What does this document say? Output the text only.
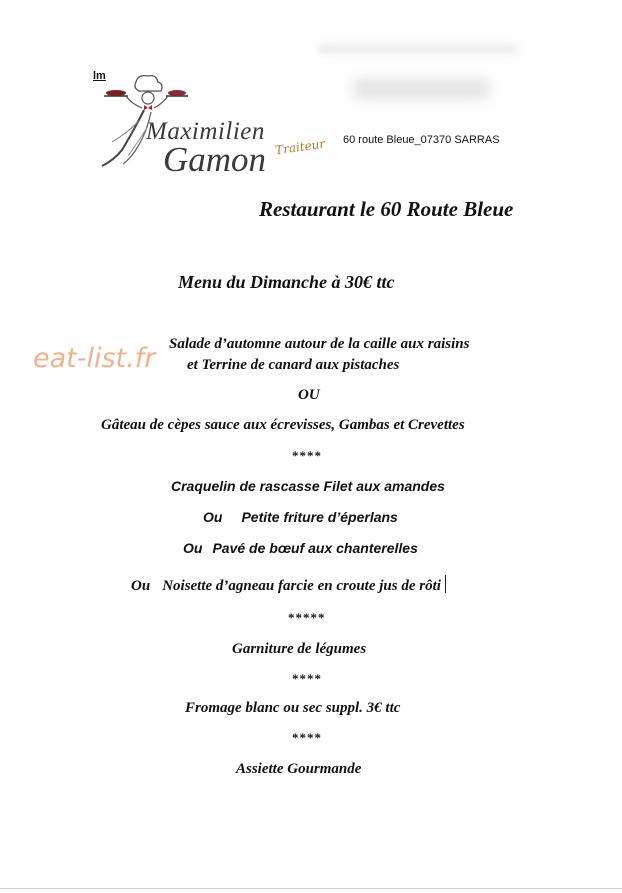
lm
Maximilien
Gamon Traiteur 60 route Bleue_07370 SARRAS
Restaurant le 60 Route Bleue
Menu du Dimanche à 30€ ttc
eat-list.fr Salade d’automne autour de la caille aux raisins
et Terrine de canard aux pistaches
OU
Gâteau de cèpes sauce aux écrevisses, Gambas et Crevettes
****
Craquelin de rascasse Filet aux amandes
Ou Petite friture d’éperlans
Ou Pavé de bœuf aux chanterelles
Ou Noisette d’agneau farcie en croute jus de rôti
*****
Garniture de légumes
****
Fromage blanc ou sec suppl. 3€ ttc
****
Assiette Gourmande
